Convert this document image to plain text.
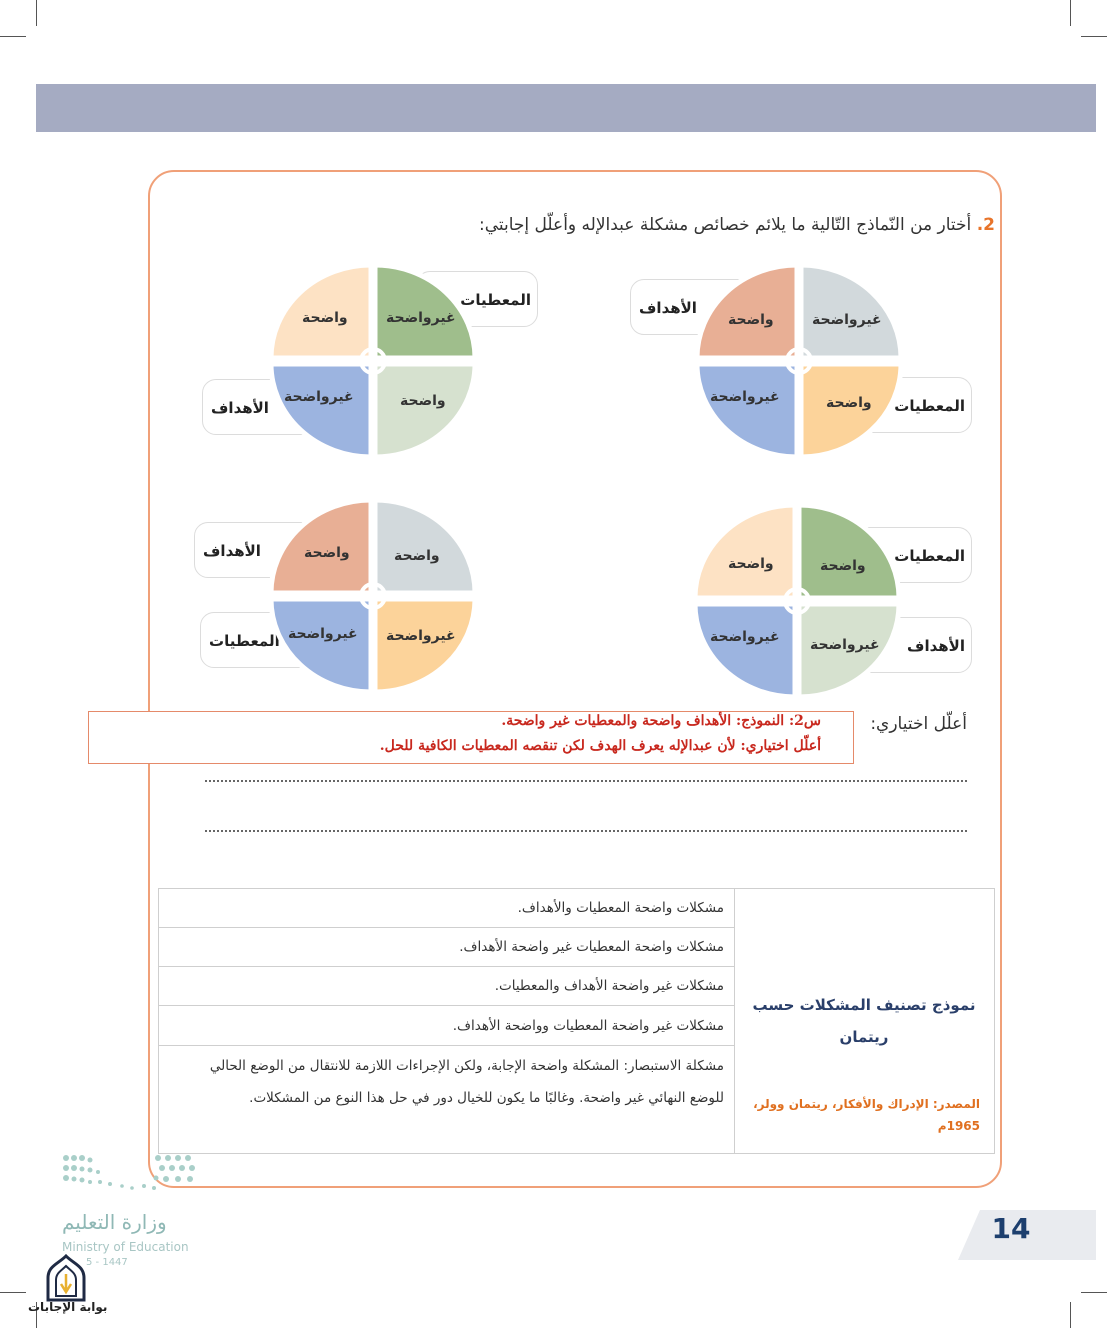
2. أختار من النّماذج التّالية ما يلائم خصائص مشكلة عبدالإله وأعلّل إجابتي:
الأهداف
المعطيات
واضحة	غيرواضحة
غيرواضحة	واضحة
المعطيات
الأهداف
واضحة	غيرواضحة
غيرواضحة	واضحة
المعطيات
الأهداف
واضحة	واضحة
غيرواضحة غيرواضحة
الأهداف
المعطيات
واضحة	واضحة
غيرواضحة غيرواضحة
س2: النموذج: الأهداف واضحة والمعطيات غير واضحة.
أعلّل اختياري: لأن عبدالإله يعرف الهدف لكن تنقصه المعطيات الكافية للحل.
أعلّل اختياري:
مشكلات واضحة المعطيات والأهداف.
مشكلات واضحة المعطيات غير واضحة الأهداف.
مشكلات غير واضحة الأهداف والمعطيات.
مشكلات غير واضحة المعطيات وواضحة الأهداف.
مشكلة الاستبصار: المشكلة واضحة الإجابة، ولكن الإجراءات اللازمة للانتقال من الوضع الحالي للوضع النهائي غير واضحة. وغالبًا ما يكون للخيال دور في حل هذا النوع من المشكلات.
نموذج تصنيف المشكلات حسب ريتمان
المصدر: الإدراك والأفكار، ريتمان وولر، 1965م
وزارة التعليم
Ministry of Education
5 - 1447
بوابة الإجابات
14
